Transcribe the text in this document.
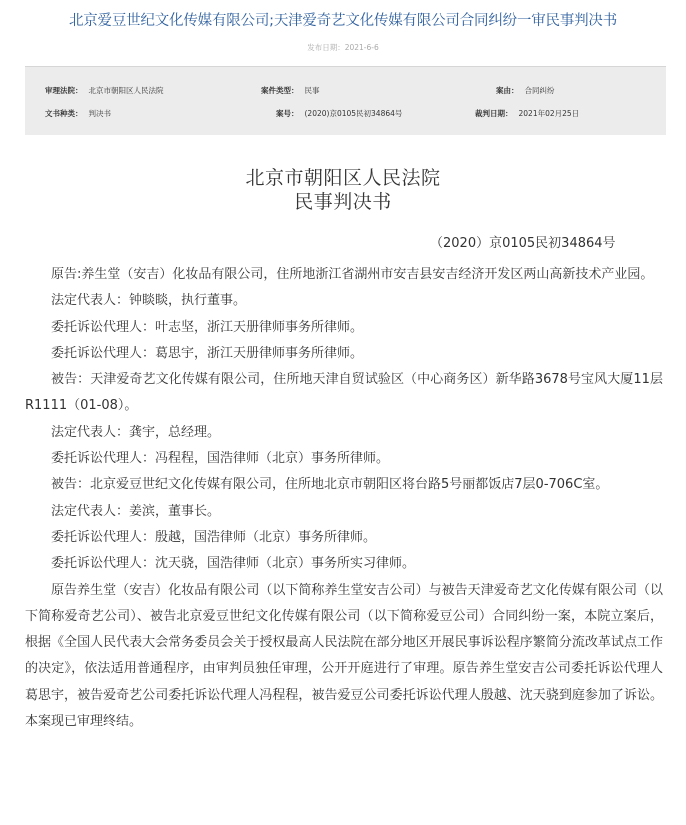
北京爱豆世纪文化传媒有限公司;天津爱奇艺文化传媒有限公司合同纠纷一审民事判决书
发布日期：2021-6-6
审理法院： 北京市朝阳区人民法院	案件类型： 民事	案由： 合同纠纷
文书种类： 判决书	案号： (2020)京0105民初34864号	裁判日期： 2021年02月25日
北京市朝阳区人民法院
民事判决书
（2020）京0105民初34864号

原告:养生堂（安吉）化妆品有限公司，住所地浙江省湖州市安吉县安吉经济开发区两山高新技术产业园。

法定代表人：钟睒睒，执行董事。

委托诉讼代理人：叶志坚，浙江天册律师事务所律师。

委托诉讼代理人：葛思宇，浙江天册律师事务所律师。

被告：天津爱奇艺文化传媒有限公司，住所地天津自贸试验区（中心商务区）新华路3678号宝风大厦11层R1111（01-08）。

法定代表人：龚宇，总经理。

委托诉讼代理人：冯程程，国浩律师（北京）事务所律师。

被告：北京爱豆世纪文化传媒有限公司，住所地北京市朝阳区将台路5号丽都饭店7层0-706C室。

法定代表人：姜滨，董事长。

委托诉讼代理人：殷越，国浩律师（北京）事务所律师。

委托诉讼代理人：沈天骁，国浩律师（北京）事务所实习律师。

原告养生堂（安吉）化妆品有限公司（以下简称养生堂安吉公司）与被告天津爱奇艺文化传媒有限公司（以下简称爱奇艺公司）、被告北京爱豆世纪文化传媒有限公司（以下简称爱豆公司）合同纠纷一案，本院立案后，根据《全国人民代表大会常务委员会关于授权最高人民法院在部分地区开展民事诉讼程序繁简分流改革试点工作的决定》，依法适用普通程序，由审判员独任审理，公开开庭进行了审理。原告养生堂安吉公司委托诉讼代理人葛思宇，被告爱奇艺公司委托诉讼代理人冯程程，被告爱豆公司委托诉讼代理人殷越、沈天骁到庭参加了诉讼。本案现已审理终结。
